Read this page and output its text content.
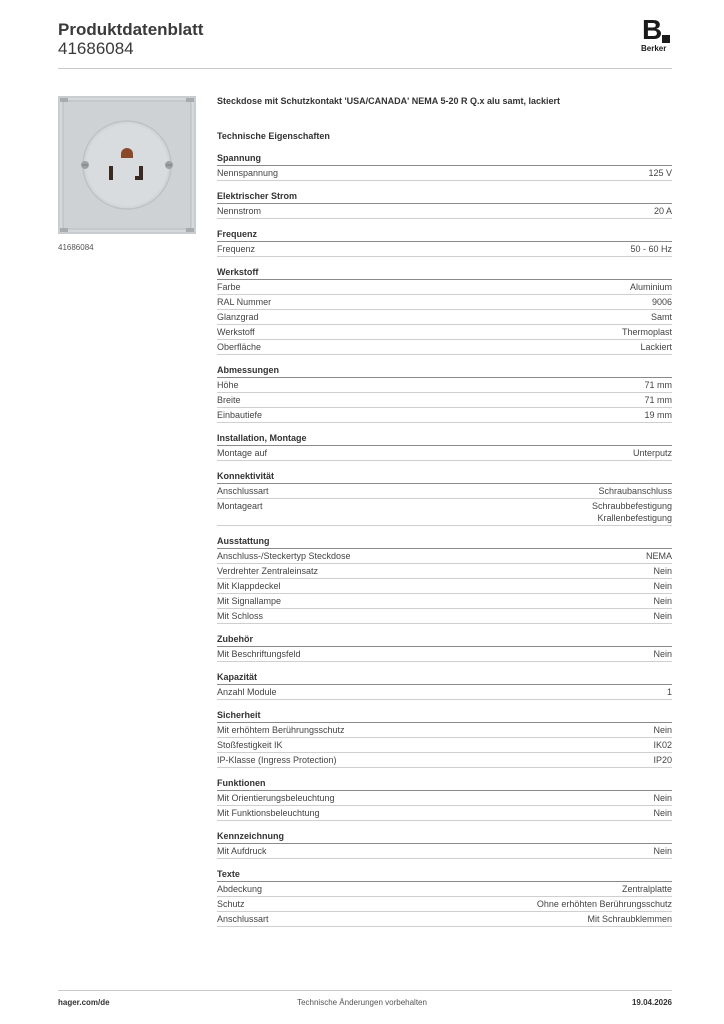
Produktdatenblatt
41686084
B
Berker
41686084
Steckdose mit Schutzkontakt 'USA/CANADA' NEMA 5-20 R Q.x alu samt, lackiert
Technische Eigenschaften
Spannung
Nennspannung	125 V
Elektrischer Strom
Nennstrom	20 A
Frequenz
Frequenz	50 - 60 Hz
Werkstoff
Farbe	Aluminium
RAL Nummer	9006
Glanzgrad	Samt
Werkstoff	Thermoplast
Oberfläche	Lackiert
Abmessungen
Höhe	71 mm
Breite	71 mm
Einbautiefe	19 mm
Installation, Montage
Montage auf	Unterputz
Konnektivität
Anschlussart	Schraubanschluss
Montageart	Schraubbefestigung
Krallenbefestigung
Ausstattung
Anschluss-/Steckertyp Steckdose	NEMA
Verdrehter Zentraleinsatz	Nein
Mit Klappdeckel	Nein
Mit Signallampe	Nein
Mit Schloss	Nein
Zubehör
Mit Beschriftungsfeld	Nein
Kapazität
Anzahl Module	1
Sicherheit
Mit erhöhtem Berührungsschutz	Nein
Stoßfestigkeit IK	IK02
IP-Klasse (Ingress Protection)	IP20
Funktionen
Mit Orientierungsbeleuchtung	Nein
Mit Funktionsbeleuchtung	Nein
Kennzeichnung
Mit Aufdruck	Nein
Texte
Abdeckung	Zentralplatte
Schutz	Ohne erhöhten Berührungsschutz
Anschlussart	Mit Schraubklemmen
hager.com/de	Technische Änderungen vorbehalten	19.04.2026
